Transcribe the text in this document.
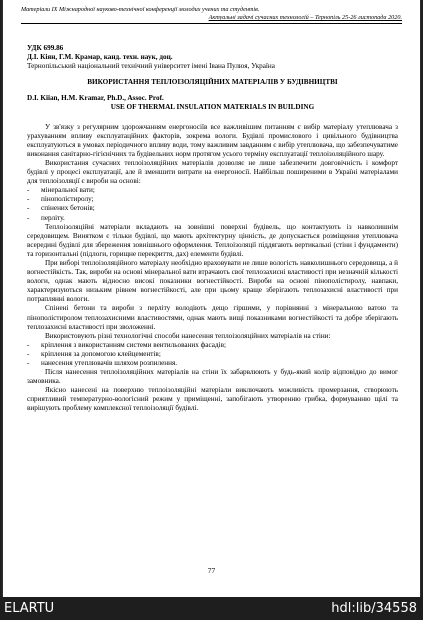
Матеріали IX Міжнародної науково-технічної конференції молодих учених та студентів.
Актуальні задачі сучасних технологій – Тернопіль 25-26 листопада 2020.
УДК 699.86
Д.І. Кіян, Г.М. Крамар, канд. техн. наук, доц.
Тернопільський національний технічний університет імені Івана Пулюя, Україна
ВИКОРИСТАННЯ ТЕПЛОІЗОЛЯЦІЙНИХ МАТЕРІАЛІВ У БУДІВНИЦТВІ
D.I. Kiian, H.M. Kramar, Ph.D., Assoc. Prof.
USE OF THERMAL INSULATION MATERIALS IN BUILDING

У зв'язку з регулярним здорожчанням енергоносіїв все важливішим питанням є вибір матеріалу утеплювача з урахуванням впливу експлуатаційних факторів, зокрема вологи. Будівлі промислового і цивільного будівництва експлуатуються в умовах періодичного впливу води, тому важливим завданням є вибір утеплювача, що забезпечуватиме виконання санітарно-гігієнічних та будівельних норм протягом усього терміну експлуатації теплоізоляційного шару.

Використання сучасних теплоізоляційних матеріалів дозволяє не лише забезпечити довговічність і комфорт будівлі у процесі експлуатації, але й зменшити витрати на енергоносії. Найбільш поширеними в Україні матеріалами для теплоізоляції є вироби на основі:

- мінеральної вати;
- пінополістиролу;
- спінених бетонів;
- перліту.

Теплоізоляційні матеріали вкладають на зовнішні поверхні будівель, що контактують із навколишнім середовищем. Винятком є тільки будівлі, що мають архітектурну цінність, де допускається розміщення утеплювача всередині будівлі для збереження зовнішнього оформлення. Теплоізоляції піддягають вертикальні (стіни і фундаменти) та горизонтальні (підлоги, горищне перекриття, дах) елементи будівлі.

При виборі теплоізоляційного матеріалу необхідно враховувати не лише вологість навколишнього середовища, а й вогнестійкість. Так, вироби на основі мінеральної вати втрачають свої теплозахисні властивості при незначній кількості вологи, однак мають відносно високі показники вогнестійкості. Вироби на основі пінополістиролу, навпаки, характеризуються низьким рівнем вогнестійкості, але при цьому краще зберігають теплозахисні властивості при потраплянні вологи.

Спінені бетони та вироби з перліту володіють дещо гіршими, у порівнянні з мінеральною ватою та пінополістиролом теплозахисними властивостями, однак мають вищі показниками вогнестійкості та добре зберігають теплозахисні властивості при зволоженні.

Використовують різні технологічні способи нанесення теплоізоляційних матеріалів на стіни:

- кріплення з використанням системи вентильованих фасадів;
- кріплення за допомогою клейцементів;
- нанесення утеплювачів шляхом розпилення.

Після нанесення теплоізоляційних матеріалів на стіни їх забарвлюють у будь-який колір відповідно до вимог замовника.

Якісно нанесені на поверхню теплоізоляційні матеріали виключають можливість промерзання, створюють сприятливий температурно-вологісний режим у приміщенні, запобігають утворенню грибка, формуванню щілі та вирішують проблему комплексної теплоізоляції будівлі.

77
ELARTU	hdl:lib/34558
